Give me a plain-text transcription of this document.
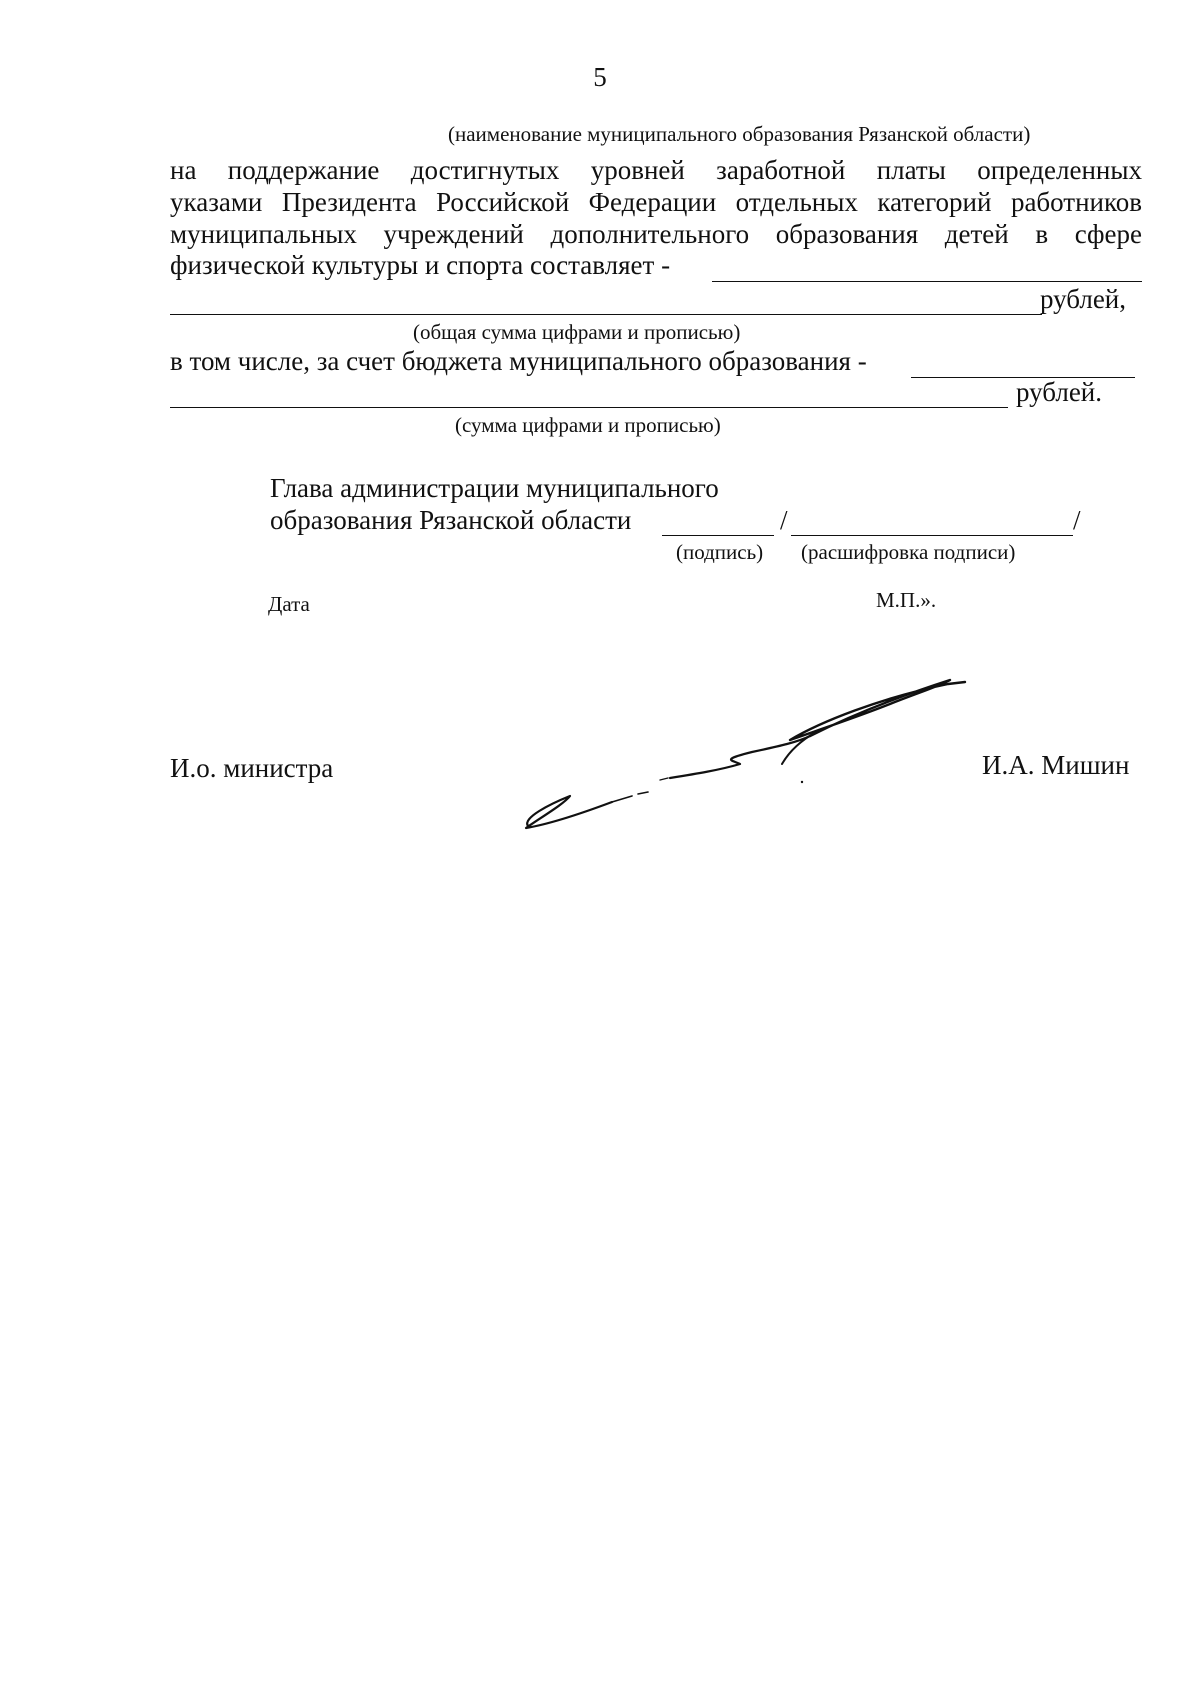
5
(наименование муниципального образования Рязанской области)
на поддержание достигнутых уровней заработной платы определенных
указами Президента Российской Федерации отдельных категорий работников
муниципальных учреждений дополнительного образования детей в сфере
физической культуры и спорта составляет -
рублей,
(общая сумма цифрами и прописью)
в том числе, за счет бюджета муниципального образования -
рублей.
(сумма цифрами и прописью)
Глава администрации муниципального
образования Рязанской области	/	/
(подпись) (расшифровка подписи)
Дата	М.П.».
И.о. министра	И.А. Мишин
